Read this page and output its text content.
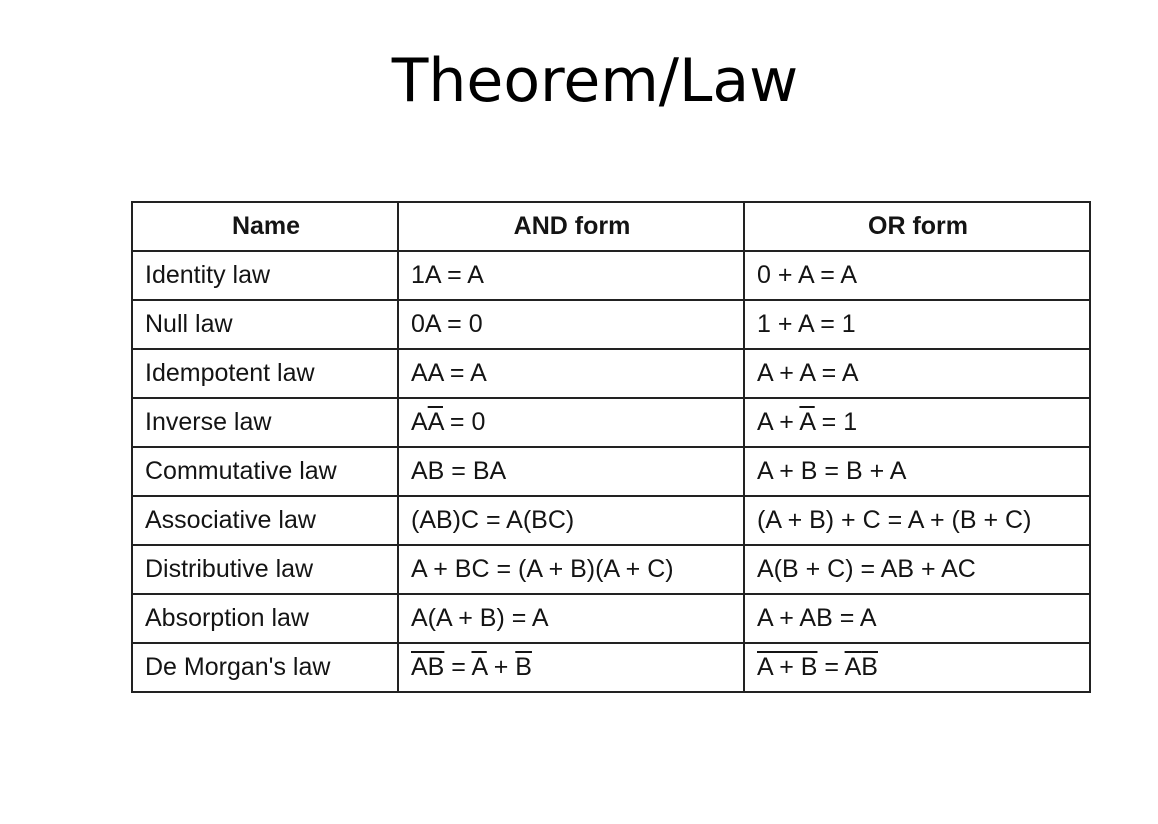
Theorem/Law
Name	AND form	OR form
Identity law	1A = A	0 + A = A
Null law	0A = 0	1 + A = 1
Idempotent law	AA = A	A + A = A
Inverse law	$A\overline{A} = 0$	$A + \overline{A} = 1$
Commutative law	AB = BA	A + B = B + A
Associative law	(AB)C = A(BC)	(A + B) + C = A + (B + C)
Distributive law	A + BC = (A + B)(A + C)	A(B + C) = AB + AC
Absorption law	A(A + B) = A	A + AB = A
De Morgan's law	$\overline{AB} = \overline{A} + \overline{B}$	$A + B = \overline{A}\overline{B}$
